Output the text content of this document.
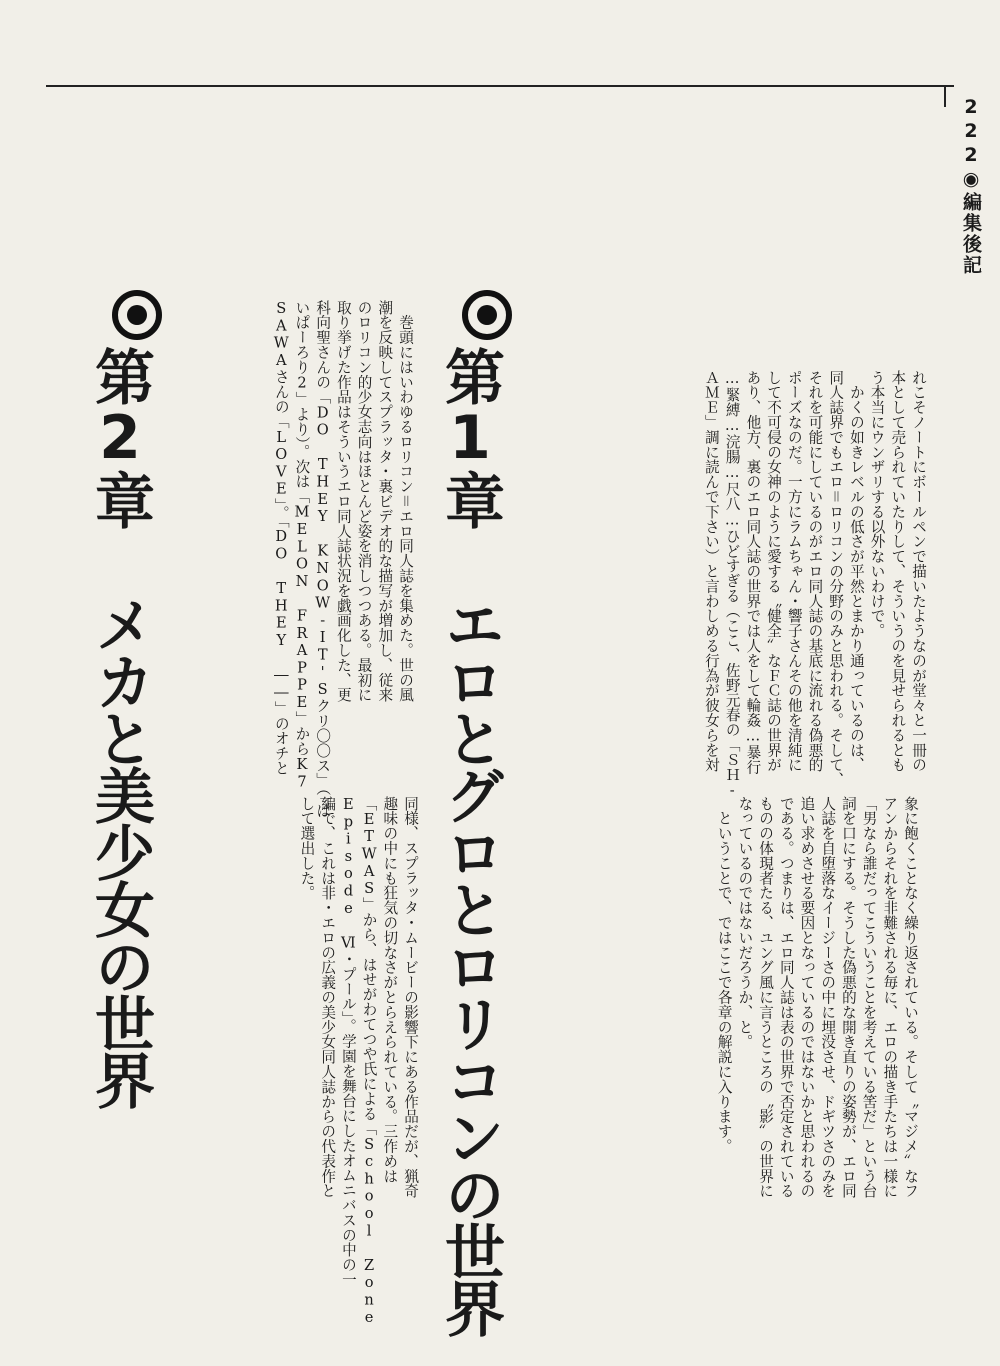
222◉編集後記
れこそノートにボールペンで描いたようなのが堂々と一冊の
本として売られていたりして、そういうのを見せられるとも
う本当にウンザリする以外ないわけで。
　かくの如きレベルの低さが平然とまかり通っているのは、
同人誌界でもエロ＝ロリコンの分野のみと思われる。そして、
それを可能にしているのがエロ同人誌の基底に流れる偽悪的
ポーズなのだ。一方にラムちゃん・響子さんその他を清純に
して不可侵の女神のように愛する〝健全〟なＦＣ誌の世界が
あり、他方、裏のエロ同人誌の世界では人をして輪姦…暴行
…緊縛…浣腸…尺八…ひどすぎる（ここ、佐野元春の「ＳＨ-
ＡＭＥ」調に読んで下さい）と言わしめる行為が彼女らを対
象に飽くことなく繰り返されている。そして〝マジメ〟なフ
アンからそれを非難される毎に、エロの描き手たちは一様に
「男なら誰だってこういうことを考えている筈だ」という台
詞を口にする。そうした偽悪的な開き直りの姿勢が、エロ同
人誌を自堕落なイージーさの中に埋没させ、ドギツさのみを
追い求めさせる要因となっているのではないかと思われるの
である。つまりは、エロ同人誌は表の世界で否定されている
ものの体現者たる、ユング風に言うところの〝影〟の世界に
なっているのではないだろうか、と。
　ということで、ではここで各章の解説に入ります。
第1章 エロとグロとロリコンの世界
　巻頭にはいわゆるロリコン＝エロ同人誌を集めた。世の風
潮を反映してスプラッタ・裏ビデオ的な描写が増加し、従来
のロリコン的少女志向はほとんど姿を消しつつある。最初に
取り挙げた作品はそういうエロ同人誌状況を戯画化した、更
科向聖さんの「DO THEY KNOW-IT'Sクリ〇〇ス」（「は
いぱーろり2」より）。次は「MELON FRAPPE」からK7
SAWAさんの「LOVE」。「DO THEY ――」のオチと
同様、スプラッタ・ムービーの影響下にある作品だが、猟奇
趣味の中にも狂気の切なさがとらえられている。三作めは
「ETWAS」から、はせがわてつや氏による「School Zone
Episode Ⅵ・プール」。学園を舞台にしたオムニバスの中の一
編で、これは非・エロの広義の美少女同人誌からの代表作と
して選出した。
第2章 メカと美少女の世界
